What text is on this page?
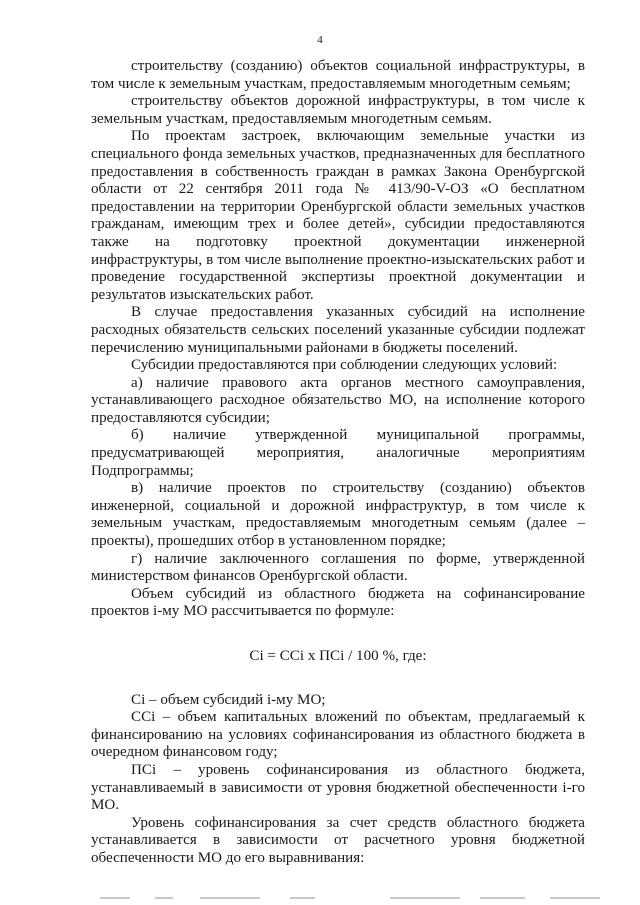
4

строительству (созданию) объектов социальной инфраструктуры, в том числе к земельным участкам, предоставляемым многодетным семьям;

строительству объектов дорожной инфраструктуры, в том числе к земельным участкам, предоставляемым многодетным семьям.

По проектам застроек, включающим земельные участки из специального фонда земельных участков, предназначенных для бесплатного предоставления в собственность граждан в рамках Закона Оренбургской области от 22 сентября 2011 года № 413/90-V-ОЗ «О бесплатном предоставлении на территории Оренбургской области земельных участков гражданам, имеющим трех и более детей», субсидии предоставляются также на подготовку проектной документации инженерной инфраструктуры, в том числе выполнение проектно-изыскательских работ и проведение государственной экспертизы проектной документации и результатов изыскательских работ.

В случае предоставления указанных субсидий на исполнение расходных обязательств сельских поселений указанные субсидии подлежат перечислению муниципальными районами в бюджеты поселений.

Субсидии предоставляются при соблюдении следующих условий:

а) наличие правового акта органов местного самоуправления, устанавливающего расходное обязательство МО, на исполнение которого предоставляются субсидии;

б) наличие утвержденной муниципальной программы, предусматривающей мероприятия, аналогичные мероприятиям Подпрограммы;

в) наличие проектов по строительству (созданию) объектов инженерной, социальной и дорожной инфраструктур, в том числе к земельным участкам, предоставляемым многодетным семьям (далее – проекты), прошедших отбор в установленном порядке;

г) наличие заключенного соглашения по форме, утвержденной министерством финансов Оренбургской области.

Объем субсидий из областного бюджета на софинансирование проектов i-му МО рассчитывается по формуле:

Сi = ССi х ПСi / 100 %, где:

Сi – объем субсидий i-му МО;

ССi – объем капитальных вложений по объектам, предлагаемый к финансированию на условиях софинансирования из областного бюджета в очередном финансовом году;

ПСi – уровень софинансирования из областного бюджета, устанавливаемый в зависимости от уровня бюджетной обеспеченности i-го МО.

Уровень софинансирования за счет средств областного бюджета устанавливается в зависимости от расчетного уровня бюджетной обеспеченности МО до его выравнивания:
